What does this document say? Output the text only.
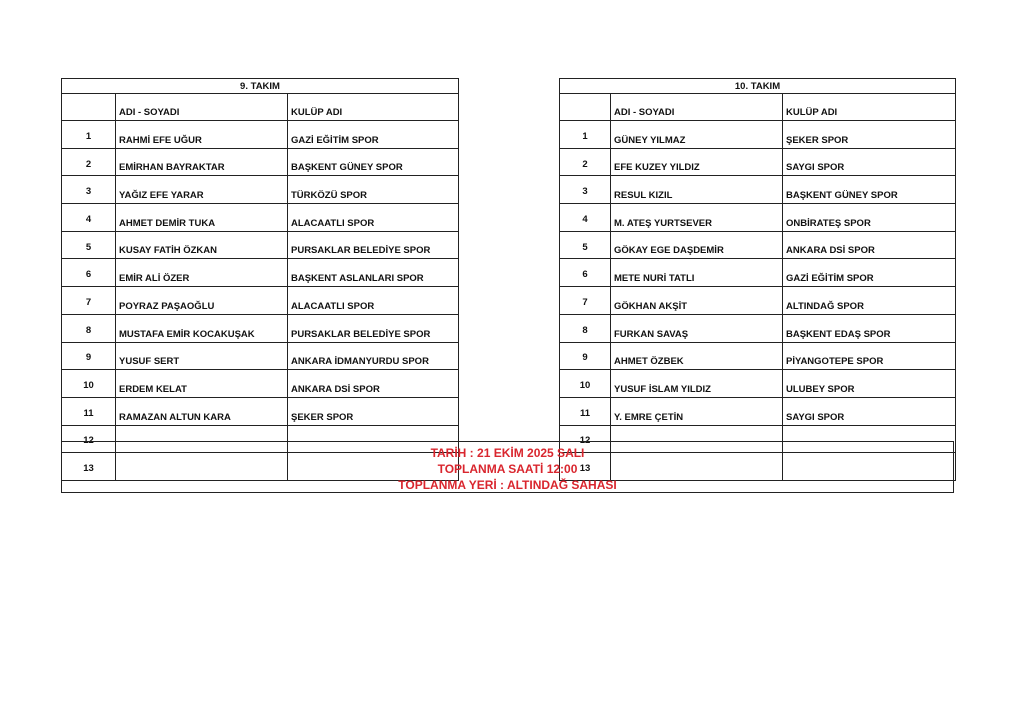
9. TAKIM		
	ADI - SOYADI	KULÜP ADI
1	RAHMİ EFE UĞUR	GAZİ EĞİTİM SPOR
2	EMİRHAN BAYRAKTAR	BAŞKENT GÜNEY SPOR
3	YAĞIZ EFE YARAR	TÜRKÖZÜ SPOR
4	AHMET DEMİR TUKA	ALACAATLI SPOR
5	KUSAY FATİH ÖZKAN	PURSAKLAR BELEDİYE SPOR
6	EMİR ALİ ÖZER	BAŞKENT ASLANLARI SPOR
7	POYRAZ PAŞAOĞLU	ALACAATLI SPOR
8	MUSTAFA EMİR KOCAKUŞAK	PURSAKLAR BELEDİYE SPOR
9	YUSUF SERT	ANKARA İDMANYURDU SPOR
10	ERDEM KELAT	ANKARA DSİ SPOR
11	RAMAZAN ALTUN KARA	ŞEKER SPOR
12		
13		
10. TAKIM		
	ADI - SOYADI	KULÜP ADI
1	GÜNEY YILMAZ	ŞEKER SPOR
2	EFE KUZEY YILDIZ	SAYGI SPOR
3	RESUL KIZIL	BAŞKENT GÜNEY SPOR
4	M. ATEŞ YURTSEVER	ONBİRATEŞ SPOR
5	GÖKAY EGE DAŞDEMİR	ANKARA DSİ SPOR
6	METE NURİ TATLI	GAZİ EĞİTİM SPOR
7	GÖKHAN AKŞİT	ALTINDAĞ SPOR
8	FURKAN SAVAŞ	BAŞKENT EDAŞ SPOR
9	AHMET ÖZBEK	PİYANGOTEPE SPOR
10	YUSUF İSLAM YILDIZ	ULUBEY SPOR
11	Y. EMRE ÇETİN	SAYGI SPOR
12		
13		
TARİH : 21 EKİM 2025 SALI
TOPLANMA SAATİ 12:00
TOPLANMA YERİ : ALTINDAĞ SAHASI
